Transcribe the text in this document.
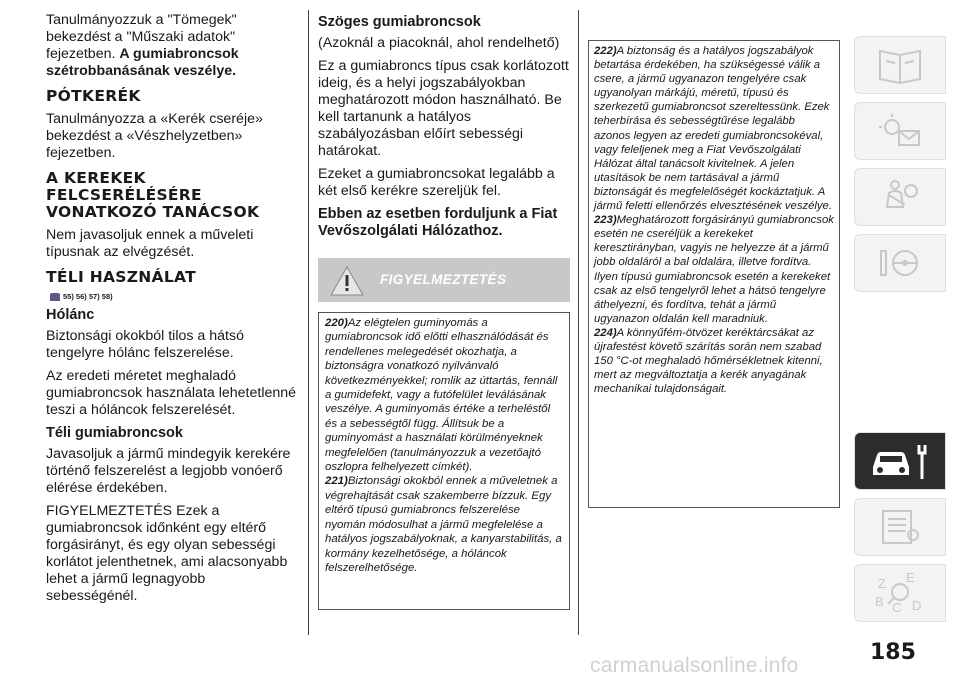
Tanulmányozzuk a "Tömegek" bekezdést a "Műszaki adatok" fejezetben. A gumiabroncsok szétrobbanásának veszélye.

PÓTKERÉK

Tanulmányozza a «Kerék cseréje» bekezdést a «Vészhelyzetben» fejezetben.

A KEREKEK FELCSERÉLÉSÉRE VONATKOZÓ TANÁCSOK

Nem javasoljuk ennek a műveleti típusnak az elvégzését.

TÉLI HASZNÁLAT
55) 56) 57) 58)
Hólánc

Biztonsági okokból tilos a hátsó tengelyre hólánc felszerelése.

Az eredeti méretet meghaladó gumiabroncsok használata lehetetlenné teszi a hóláncok felszerelését.

Téli gumiabroncsok

Javasoljuk a jármű mindegyik kerekére történő felszerelést a legjobb vonóerő elérése érdekében.

FIGYELMEZTETÉS Ezek a gumiabroncsok időnként egy eltérő forgásirányt, és egy olyan sebességi korlátot jelenthetnek, ami alacsonyabb lehet a jármű legnagyobb sebességénél.

Szöges gumiabroncsok

(Azoknál a piacoknál, ahol rendelhető)

Ez a gumiabroncs típus csak korlátozott ideig, és a helyi jogszabályokban meghatározott módon használható. Be kell tartanunk a hatályos szabályozásban előírt sebességi határokat.

Ezeket a gumiabroncsokat legalább a két első kerékre szereljük fel.

Ebben az esetben forduljunk a Fiat Vevőszolgálati Hálózathoz.
FIGYELMEZTETÉS

220)Az elégtelen guminyomás a gumiabroncsok idő előtti elhasználódását és rendellenes melegedését okozhatja, a biztonságra vonatkozó nyilvánvaló következményekkel; romlik az úttartás, fennáll a gumidefekt, vagy a futófelület leválásának veszélye. A guminyomás értéke a terheléstől és a sebességtől függ. Állítsuk be a guminyomást a használati körülményeknek megfelelően (tanulmányozzuk a vezetőajtó oszlopra felhelyezett címkét).

221)Biztonsági okokból ennek a műveletnek a végrehajtását csak szakemberre bízzuk. Egy eltérő típusú gumiabroncs felszerelése nyomán módosulhat a jármű megfelelése a hatályos jogszabályoknak, a kanyarstabilitás, a kormány kezelhetősége, a hóláncok felszerelhetősége.

222)A biztonság és a hatályos jogszabályok betartása érdekében, ha szükségessé válik a csere, a jármű ugyanazon tengelyére csak ugyanolyan márkájú, méretű, típusú és szerkezetű gumiabroncsot szereltessünk. Ezek teherbírása és sebességtűrése legalább azonos legyen az eredeti gumiabroncsokéval, vagy feleljenek meg a Fiat Vevőszolgálati Hálózat által tanácsolt kivitelnek. A jelen utasítások be nem tartásával a jármű biztonságát és megfelelőségét kockáztatjuk. A jármű feletti ellenőrzés elvesztésének veszélye.

223)Meghatározott forgásirányú gumiabroncsok esetén ne cseréljük a kerekeket keresztirányban, vagyis ne helyezze át a jármű jobb oldaláról a bal oldalára, illetve fordítva. Ilyen típusú gumiabroncsok esetén a kerekeket csak az első tengelyről lehet a hátsó tengelyre áthelyezni, és fordítva, tehát a jármű ugyanazon oldalán kell maradniuk.

224)A könnyűfém-ötvözet keréktárcsákat az újrafestést követő szárítás során nem szabad 150 °C-ot meghaladó hőmérsékletnek kitenni, mert az megváltoztatja a kerék anyagának mechanikai tulajdonságait.

Z E
B C D
185
carmanualsonline.info
